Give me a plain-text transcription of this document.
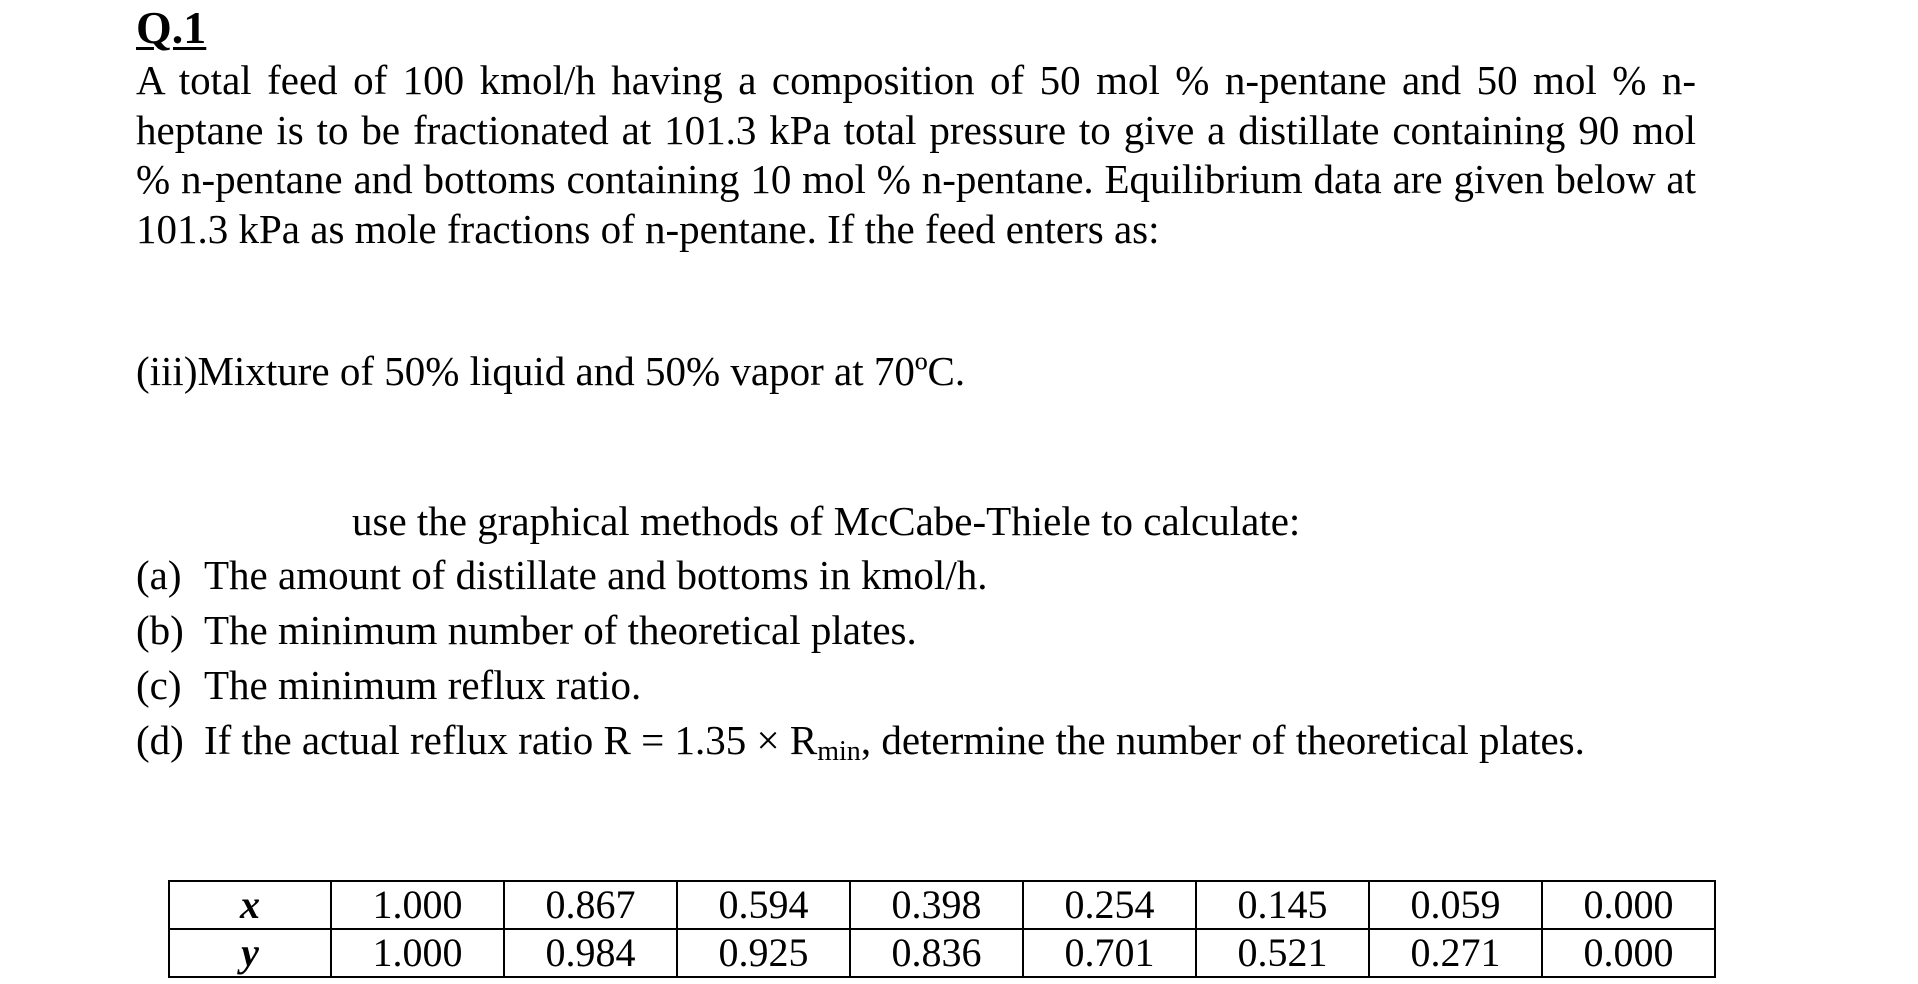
Q.1

A total feed of 100 kmol/h having a composition of 50 mol % n-pentane and 50 mol % n-heptane is to be fractionated at 101.3 kPa total pressure to give a distillate containing 90 mol % n-pentane and bottoms containing 10 mol % n-pentane. Equilibrium data are given below at 101.3 kPa as mole fractions of n-pentane. If the feed enters as:

(iii)Mixture of 50% liquid and 50% vapor at 70ºC.

use the graphical methods of McCabe-Thiele to calculate:

(a) The amount of distillate and bottoms in kmol/h.
(b) The minimum number of theoretical plates.
(c) The minimum reflux ratio.
(d) If the actual reflux ratio $R = 1.35 \times R_{min}$, determine the number of theoretical plates.
x	1.000	0.867	0.594	0.398	0.254	0.145	0.059	0.000
y	1.000	0.984	0.925	0.836	0.701	0.521	0.271	0.000
